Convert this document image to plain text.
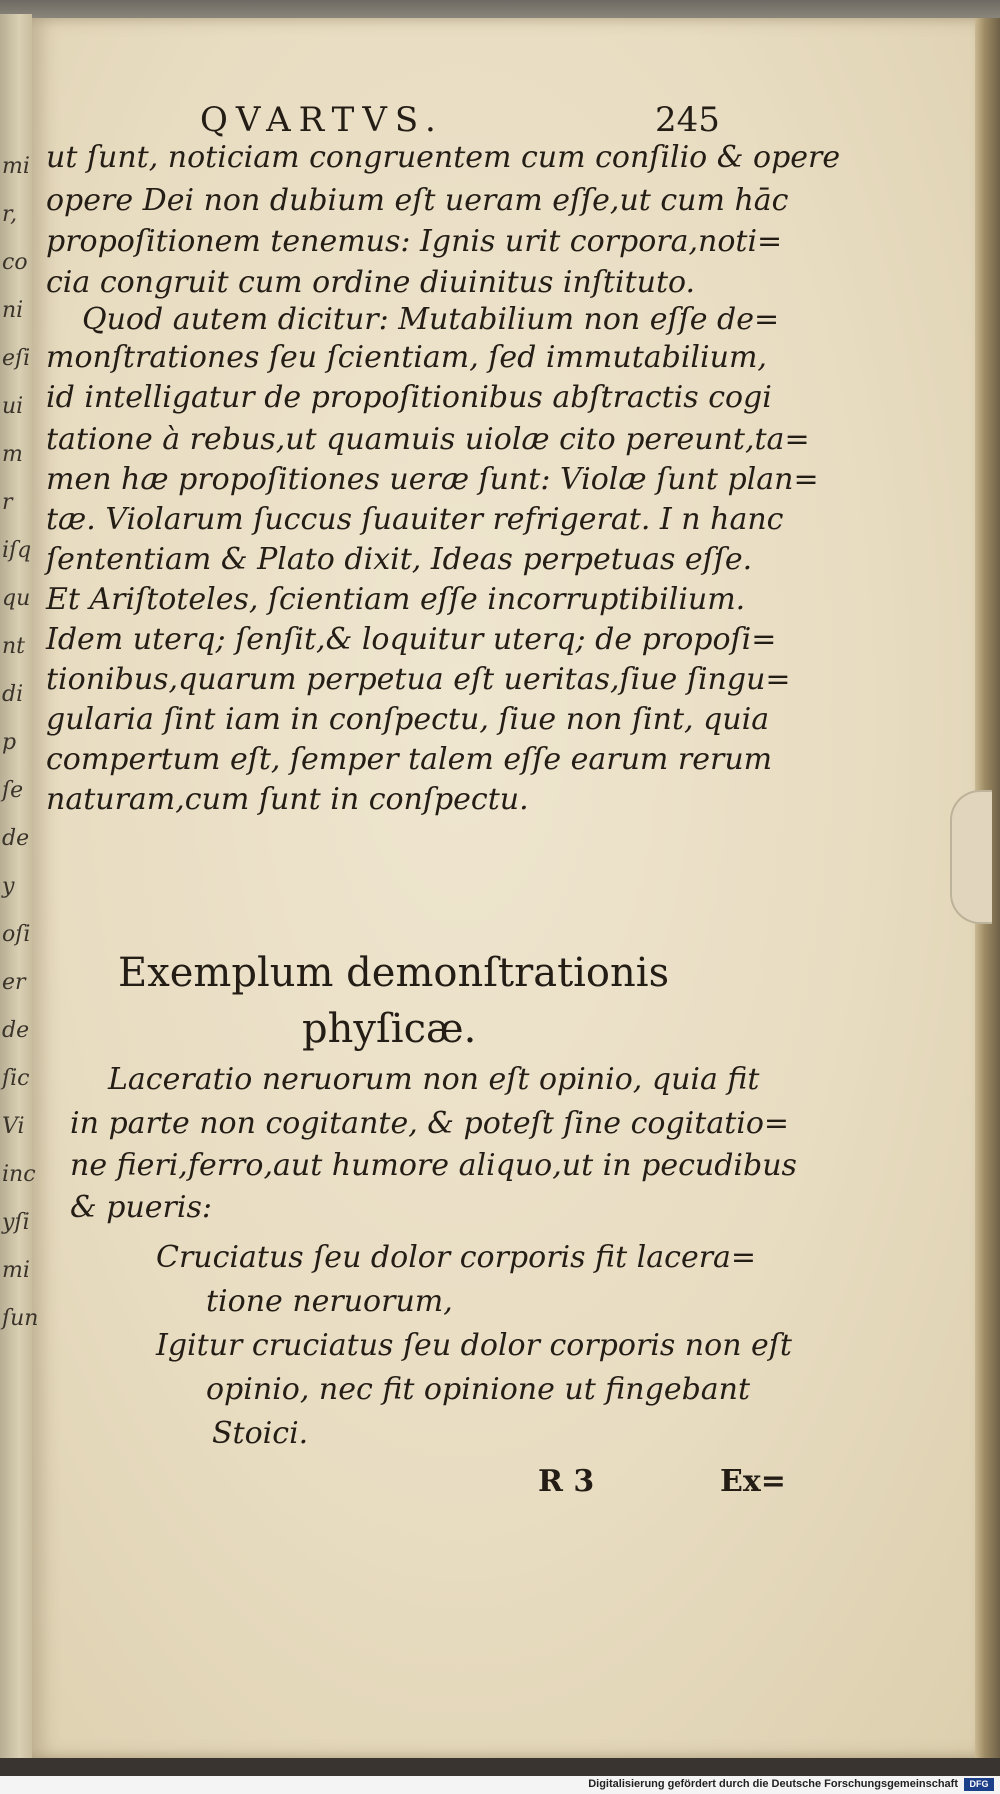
mi
r,
co
ni
eſi
ui
m
r
iſq
qu
nt
di
p
ſe
de
y
oſi
er
de
ſic
Vi
inc
yſi
mi
ſun
QVARTVS.	245
ut ſunt, noticiam congruentem cum conſilio & opere
opere Dei non dubium eſt ueram eſſe,ut cum hāc
propoſitionem tenemus: Ignis urit corpora,noti=
cia congruit cum ordine diuinitus inſtituto.
Quod autem dicitur: Mutabilium non eſſe de=
monſtrationes ſeu ſcientiam, ſed immutabilium,
id intelligatur de propoſitionibus abſtractis cogi
tatione à rebus,ut quamuis uiolæ cito pereunt,ta=
men hæ propoſitiones ueræ ſunt: Violæ ſunt plan=
tæ. Violarum ſuccus ſuauiter refrigerat. I n hanc
ſententiam & Plato dixit, Ideas perpetuas eſſe.
Et Ariſtoteles, ſcientiam eſſe incorruptibilium.
Idem uterq; ſenſit,& loquitur uterq; de propoſi=
tionibus,quarum perpetua eſt ueritas,ſiue ſingu=
gularia ſint iam in conſpectu, ſiue non ſint, quia
compertum eſt, ſemper talem eſſe earum rerum
naturam,cum ſunt in conſpectu.
Exemplum demonſtrationis
phyſicæ.
Laceratio neruorum non eſt opinio, quia fit
in parte non cogitante, & poteſt ſine cogitatio=
ne fieri,ferro,aut humore aliquo,ut in pecudibus
& pueris:
Cruciatus ſeu dolor corporis fit lacera=
tione neruorum,
Igitur cruciatus ſeu dolor corporis non eſt
opinio, nec fit opinione ut fingebant
Stoici.
R 3	Ex=
Digitalisierung gefördert durch die Deutsche Forschungsgemeinschaft	DFG
